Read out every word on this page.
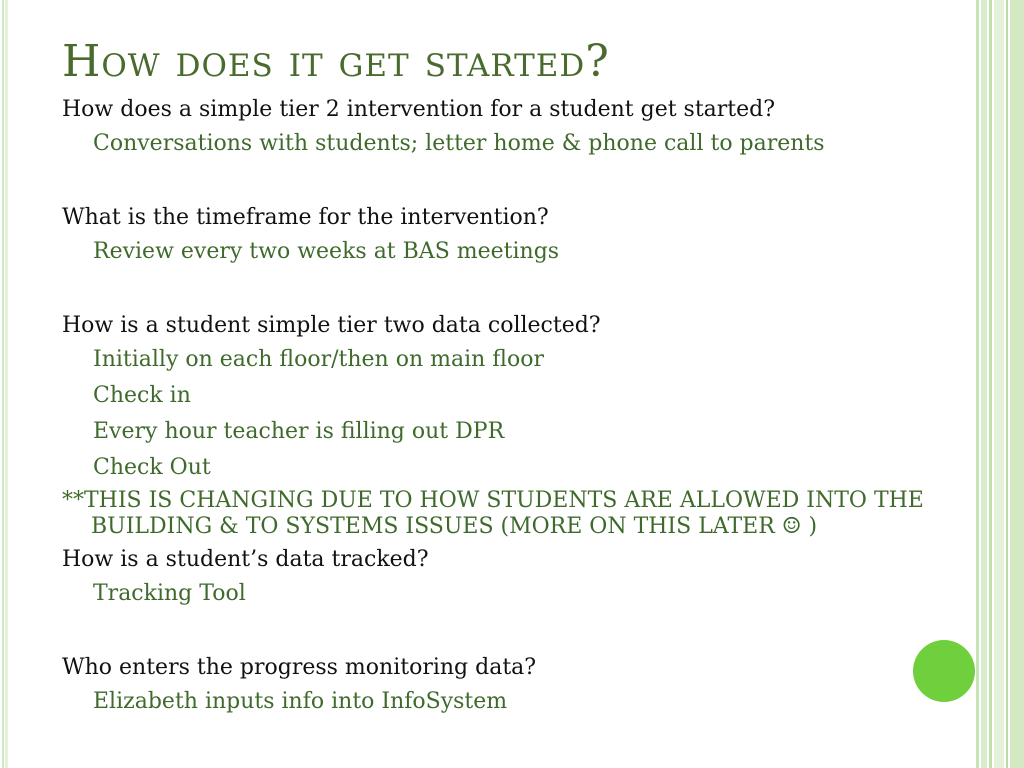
How does it get started?
How does a simple tier 2 intervention for a student get started?
Conversations with students; letter home & phone call to parents
What is the timeframe for the intervention?
Review every two weeks at BAS meetings
How is a student simple tier two data collected?
Initially on each floor/then on main floor
Check in
Every hour teacher is filling out DPR
Check Out
**THIS IS CHANGING DUE TO HOW STUDENTS ARE ALLOWED INTO THE BUILDING & TO SYSTEMS ISSUES (MORE ON THIS LATER ☺ )
How is a student’s data tracked?
Tracking Tool
Who enters the progress monitoring data?
Elizabeth inputs info into InfoSystem
